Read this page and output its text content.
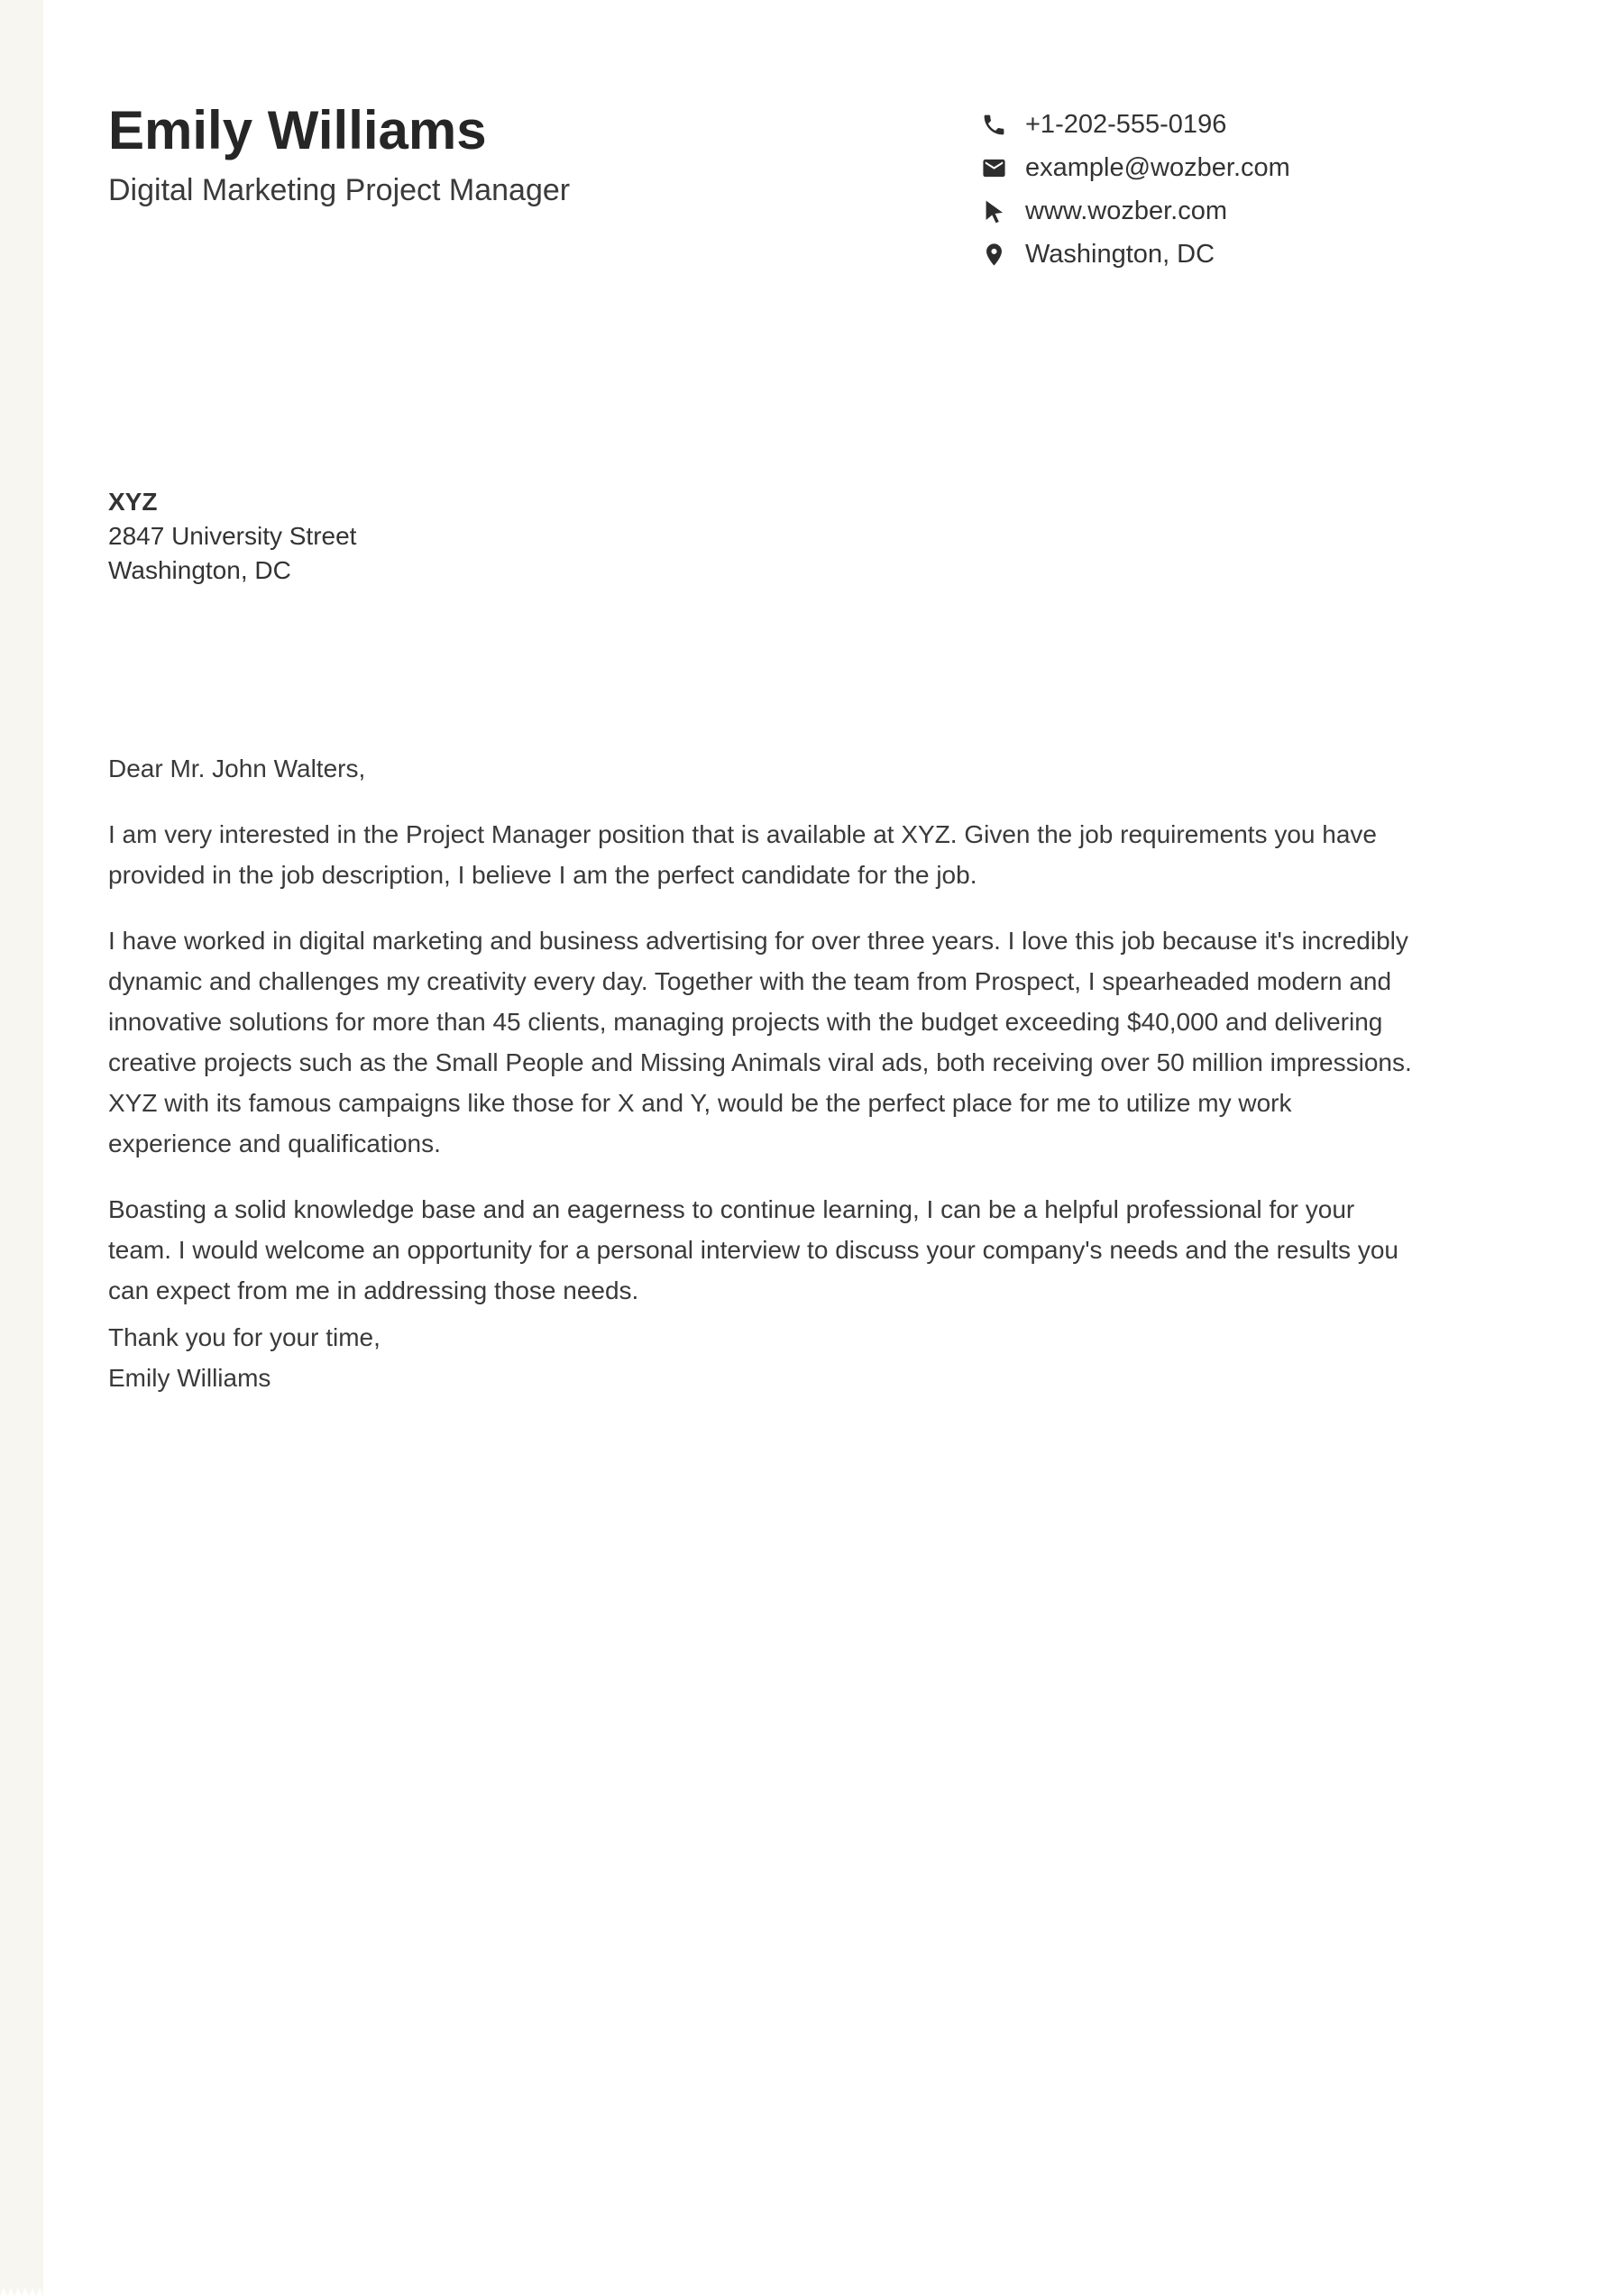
Emily Williams
Digital Marketing Project Manager
+1-202-555-0196
example@wozber.com
www.wozber.com
Washington, DC
XYZ
2847 University Street
Washington, DC

Dear Mr. John Walters,

I am very interested in the Project Manager position that is available at XYZ. Given the job requirements you have provided in the job description, I believe I am the perfect candidate for the job.

I have worked in digital marketing and business advertising for over three years. I love this job because it's incredibly dynamic and challenges my creativity every day. Together with the team from Prospect, I spearheaded modern and innovative solutions for more than 45 clients, managing projects with the budget exceeding $40,000 and delivering creative projects such as the Small People and Missing Animals viral ads, both receiving over 50 million impressions. XYZ with its famous campaigns like those for X and Y, would be the perfect place for me to utilize my work experience and qualifications.

Boasting a solid knowledge base and an eagerness to continue learning, I can be a helpful professional for your team. I would welcome an opportunity for a personal interview to discuss your company's needs and the results you can expect from me in addressing those needs.

Thank you for your time,
Emily Williams
